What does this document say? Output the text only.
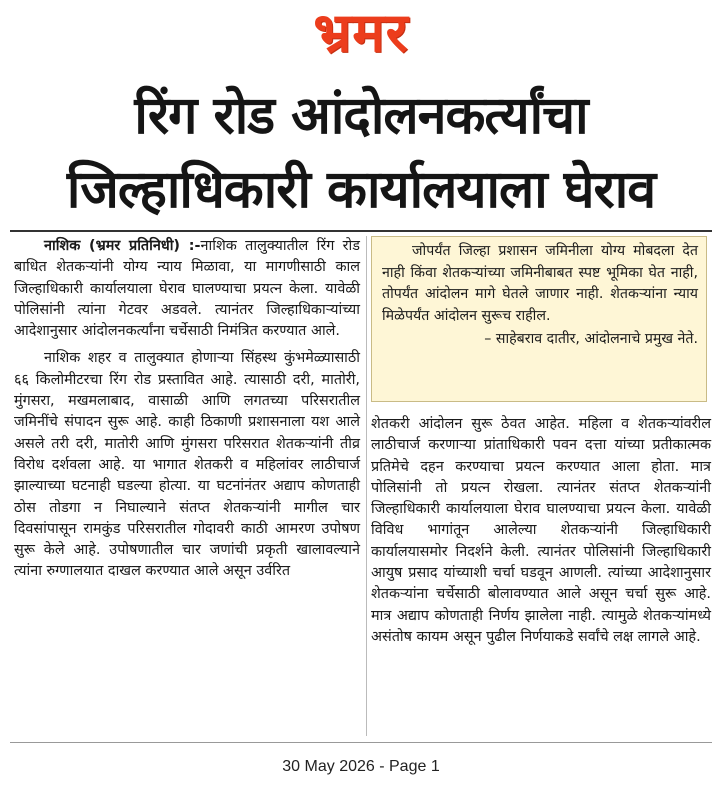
भ्रमर
रिंग रोड आंदोलनकर्त्यांचा
जिल्हाधिकारी कार्यालयाला घेराव

नाशिक (भ्रमर प्रतिनिधी) :-नाशिक तालुक्यातील रिंग रोड बाधित शेतकऱ्यांनी योग्य न्याय मिळावा, या मागणीसाठी काल जिल्हाधिकारी कार्यालयाला घेराव घालण्याचा प्रयत्न केला. यावेळी पोलिसांनी त्यांना गेटवर अडवले. त्यानंतर जिल्हाधिकाऱ्यांच्या आदेशानुसार आंदोलनकर्त्यांना चर्चेसाठी निमंत्रित करण्यात आले.

नाशिक शहर व तालुक्यात होणाऱ्या सिंहस्थ कुंभमेळ्यासाठी ६६ किलोमीटरचा रिंग रोड प्रस्तावित आहे. त्यासाठी दरी, मातोरी, मुंगसरा, मखमलाबाद, वासाळी आणि लगतच्या परिसरातील जमिनींचे संपादन सुरू आहे. काही ठिकाणी प्रशासनाला यश आले असले तरी दरी, मातोरी आणि मुंगसरा परिसरात शेतकऱ्यांनी तीव्र विरोध दर्शवला आहे. या भागात शेतकरी व महिलांवर लाठीचार्ज झाल्याच्या घटनाही घडल्या होत्या. या घटनांनंतर अद्याप कोणताही ठोस तोडगा न निघाल्याने संतप्त शेतकऱ्यांनी मागील चार दिवसांपासून रामकुंड परिसरातील गोदावरी काठी आमरण उपोषण सुरू केले आहे. उपोषणातील चार जणांची प्रकृती खालावल्याने त्यांना रुग्णालयात दाखल करण्यात आले असून उर्वरित

जोपर्यंत जिल्हा प्रशासन जमिनीला योग्य मोबदला देत नाही किंवा शेतकऱ्यांच्या जमिनीबाबत स्पष्ट भूमिका घेत नाही, तोपर्यंत आंदोलन मागे घेतले जाणार नाही. शेतकऱ्यांना न्याय मिळेपर्यंत आंदोलन सुरूच राहील.

– साहेबराव दातीर, आंदोलनाचे प्रमुख नेते.

शेतकरी आंदोलन सुरू ठेवत आहेत. महिला व शेतकऱ्यांवरील लाठीचार्ज करणाऱ्या प्रांताधिकारी पवन दत्ता यांच्या प्रतीकात्मक प्रतिमेचे दहन करण्याचा प्रयत्न करण्यात आला होता. मात्र पोलिसांनी तो प्रयत्न रोखला. त्यानंतर संतप्त शेतकऱ्यांनी जिल्हाधिकारी कार्यालयाला घेराव घालण्याचा प्रयत्न केला. यावेळी विविध भागांतून आलेल्या शेतकऱ्यांनी जिल्हाधिकारी कार्यालयासमोर निदर्शने केली. त्यानंतर पोलिसांनी जिल्हाधिकारी आयुष प्रसाद यांच्याशी चर्चा घडवून आणली. त्यांच्या आदेशानुसार शेतकऱ्यांना चर्चेसाठी बोलावण्यात आले असून चर्चा सुरू आहे. मात्र अद्याप कोणताही निर्णय झालेला नाही. त्यामुळे शेतकऱ्यांमध्ये असंतोष कायम असून पुढील निर्णयाकडे सर्वांचे लक्ष लागले आहे.

30 May 2026 - Page 1
